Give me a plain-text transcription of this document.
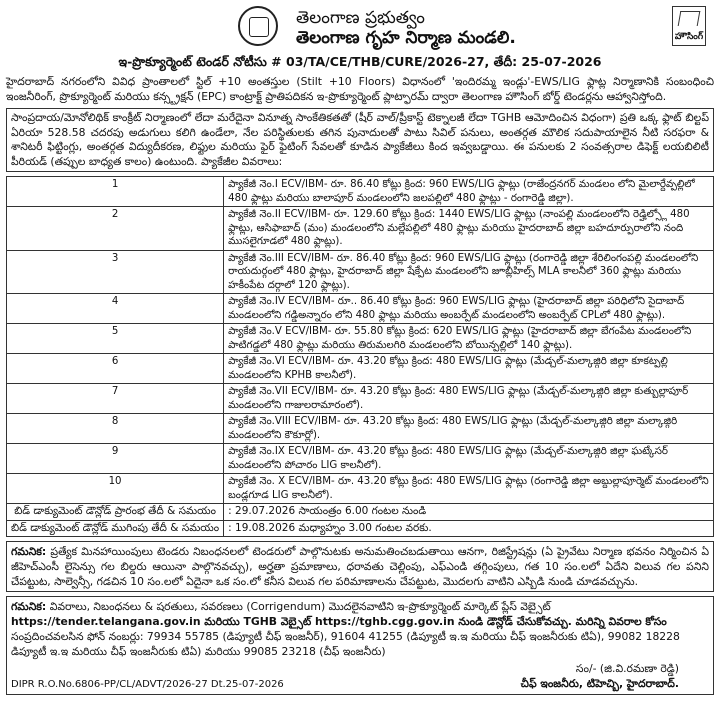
తెలంగాణ ప్రభుత్వం
తెలంగాణ గృహ నిర్మాణ మండలి.	హౌసింగ్
ఇ-ప్రొక్యూర్మెంట్ టెండర్ నోటీసు # 03/TA/CE/THB/CURE/2026-27, తేదీ: 25-07-2026
హైదరాబాద్ నగరంలోని వివిధ ప్రాంతాలలో స్టిల్ +10 అంతస్తుల (Stilt +10 Floors) విధానంలో 'ఇందిరమ్మ ఇండ్లు'-EWS/LIG ఫ్లాట్ల నిర్మాణానికి సంబంధించి ఇంజనీరింగ్, ప్రొక్యూర్మెంట్ మరియు కన్స్ట్రక్షన్ (EPC) కాంట్రాక్ట్ ప్రాతిపదికన ఇ-ప్రొక్యూర్మెంట్ ప్లాట్ఫారమ్ ద్వారా తెలంగాణ హౌసింగ్ బోర్డ్ టెండర్లను ఆహ్వానిస్తోంది.
సాంప్రదాయ/మోనోలిథిక్ కాంక్రీట్ నిర్మాణంలో లేదా మరేదైనా వినూత్న సాంకేతికతతో (షీర్ వాల్/ప్రీకాస్ట్ టెక్నాలజీ లేదా TGHB ఆమోదించిన విధంగా) ప్రతి ఒక్క ఫ్లాట్ బిల్టప్ ఏరియా 528.58 చదరపు అడుగులు కలిగి ఉండేలా, నేల పరిస్థితులకు తగిన పునాదులతో పాటు సివిల్ పనులు, అంతర్గత మౌలిక సదుపాయాలైన నీటి సరఫరా & శానిటరీ ఫిట్టింగ్లు, అంతర్గత విద్యుదీకరణ, లిఫ్టుల మరియు ఫైర్ ఫైటింగ్ సేవలతో కూడిన ప్యాకేజీలు కింద ఇవ్వబడ్డాయి. ఈ పనులకు 2 సంవత్సరాల డిఫెక్ట్ లయబిలిటీ పీరియడ్ (తప్పుల బాధ్యత కాలం) ఉంటుంది. ప్యాకేజీల వివరాలు:
1	ప్యాకేజీ నెం.I ECV/IBM- రూ. 86.40 కోట్లు క్రింద: 960 EWS/LIG ఫ్లాట్లు (రాజేంద్రనగర్ మండలం లోని మైలార్దేవ్పల్లిలో 480 ఫ్లాట్లు మరియు బాలాపూర్ మండలంలోని జలపల్లిలో 480 ఫ్లాట్లు - రంగారెడ్డి జిల్లా).
2	ప్యాకేజీ నెం.II ECV/IBM- రూ. 129.60 కోట్లు క్రింద: 1440 EWS/LIG ఫ్లాట్లు (నాంపల్లి మండలంలోని రెడ్హిల్స్లో 480 ఫ్లాట్లు, ఆసిఫాబాద్ (మం) మండలంలోని మల్లేపల్లిలో 480 ఫ్లాట్లు మరియు హైదరాబాద్ జిల్లా బహదూర్పురాలోని నంది ముసలైగూడలో 480 ఫ్లాట్లు).
3	ప్యాకేజీ నెం.III ECV/IBM- రూ. 86.40 కోట్లు క్రింద: 960 EWS/LIG ఫ్లాట్లు (రంగారెడ్డి జిల్లా శేరిలింగంపల్లి మండలంలోని రాయదుర్గంలో 480 ఫ్లాట్లు, హైదరాబాద్ జిల్లా షేక్పేట మండలంలోని జూబ్లీహిల్స్ MLA కాలనీలో 360 ఫ్లాట్లు మరియు హకీంపేట దర్గాలో 120 ఫ్లాట్లు).
4	ప్యాకేజీ నెం.IV ECV/IBM- రూ.. 86.40 కోట్లు క్రింద: 960 EWS/LIG ఫ్లాట్లు (హైదరాబాద్ జిల్లా పరిధిలోని సైదాబాద్ మండలంలోని గడ్డిఅన్నారం లోని 480 ఫ్లాట్లు మరియు అంబర్పేట్ మండలంలోని అంబర్పేట్ CPLలో 480 ఫ్లాట్లు).
5	ప్యాకేజీ నెం.V ECV/IBM- రూ. 55.80 కోట్లు క్రింద: 620 EWS/LIG ఫ్లాట్లు (హైదరాబాద్ జిల్లా బేగంపేట మండలంలోని పాటిగడ్డలో 480 ఫ్లాట్లు మరియు తిరుమలగిరి మండలంలోని బోయిన్పల్లిలో 140 ఫ్లాట్లు).
6	ప్యాకేజీ నెం.VI ECV/IBM- రూ. 43.20 కోట్లు క్రింద: 480 EWS/LIG ఫ్లాట్లు (మేడ్చల్-మల్కాజ్గిరి జిల్లా కూకట్పల్లి మండలంలోని KPHB కాలనీలో).
7	ప్యాకేజీ నెం.VII ECV/IBM- రూ. 43.20 కోట్లు క్రింద: 480 EWS/LIG ఫ్లాట్లు (మేడ్చల్-మల్కాజ్గిరి జిల్లా కుత్బుల్లాపూర్ మండలంలోని గాజులరామారంలో).
8	ప్యాకేజీ నెం.VIII ECV/IBM- రూ. 43.20 కోట్లు క్రింద: 480 EWS/LIG ఫ్లాట్లు (మేడ్చల్-మల్కాజ్గిరి జిల్లా మల్కాజ్గిరి మండలంలోని కౌకూర్లో).
9	ప్యాకేజీ నెం.IX ECV/IBM- రూ. 43.20 కోట్లు క్రింద: 480 EWS/LIG ఫ్లాట్లు (మేడ్చల్-మల్కాజ్గిరి జిల్లా ఘట్కేసర్ మండలంలోని పోచారం LIG కాలనీలో).
10	ప్యాకేజీ నెం. X ECV/IBM- రూ. 43.20 కోట్లు క్రింద: 480 EWS/LIG ఫ్లాట్లు (రంగారెడ్డి జిల్లా అబ్దుల్లాపూర్మెట్ మండలంలోని బండ్లగూడ LIG కాలనీలో).
బిడ్ డాక్యుమెంట్ డౌన్లోడ్ ప్రారంభ తేదీ & సమయం	: 29.07.2026 సాయంత్రం 6.00 గంటల నుండి
బిడ్ డాక్యుమెంట్ డౌన్లోడ్ ముగింపు తేదీ & సమయం	: 19.08.2026 మధ్యాహ్నం 3.00 గంటల వరకు.
గమనిక: ప్రత్యేక మినహాయింపులు టెండరు నిబంధనలలో టెండరులో పాల్గొనుటకు అనుమతించబడుతాయి ఆనగా, రిజిస్ట్రేషన్లు (ఏ ప్రైవేటు నిర్మాణ భవనం నిర్మించిన ఏ జీహెచ్ఎంసీ లైసెన్సు గల బిల్డరు ఆయినా పాల్గొనవచ్చు), అర్హతా ప్రమాణాలు, ధరావతు చెల్లింపు, ఎఫ్ఎండి తగ్గింపులు, గత 10 సం.లలో ఏదేని విలువ గల పనిని చేపట్టుట, సాల్వెన్సీ, గడచిన 10 సం.లలో ఏదైనా ఒక సం.లో కనీస విలువ గల పరిమాణాలను చేపట్టుట, మొదలగు వాటిని ఎస్బిడి నుండి చూడవచ్చును.
గమనిక: వివరాలు, నిబంధనలు & షరతులు, సవరణలు (Corrigendum) మొదలైనవాటిని ఇ-ప్రొక్యూర్మెంట్ మార్కెట్ ప్లేస్ వెబ్సైట్
https://tender.telangana.gov.in మరియు TGHB వెబ్సైట్ https://tghb.cgg.gov.in నుండి డౌన్లోడ్ చేసుకోవచ్చు. మరిన్ని వివరాల కోసం
సంప్రదించవలసిన ఫోన్ నంబర్లు: 79934 55785 (డిప్యూటీ చీఫ్ ఇంజనీర్), 91604 41255 (డిప్యూటీ ఇ.ఇ మరియు చీఫ్ ఇంజనీరుకు టిఏ), 99082 18228
డిప్యూటీ ఇ.ఇ మరియు చీఫ్ ఇంజనీరుకు టిఏ) మరియు 99085 23218 (చీఫ్ ఇంజనీరు)
సం/- (జి.వి.రమణా రెడ్డి)
చీఫ్ ఇంజనీరు, టిహెచ్బి, హైదరాబాద్.
DIPR R.O.No.6806-PP/CL/ADVT/2026-27 Dt.25-07-2026
